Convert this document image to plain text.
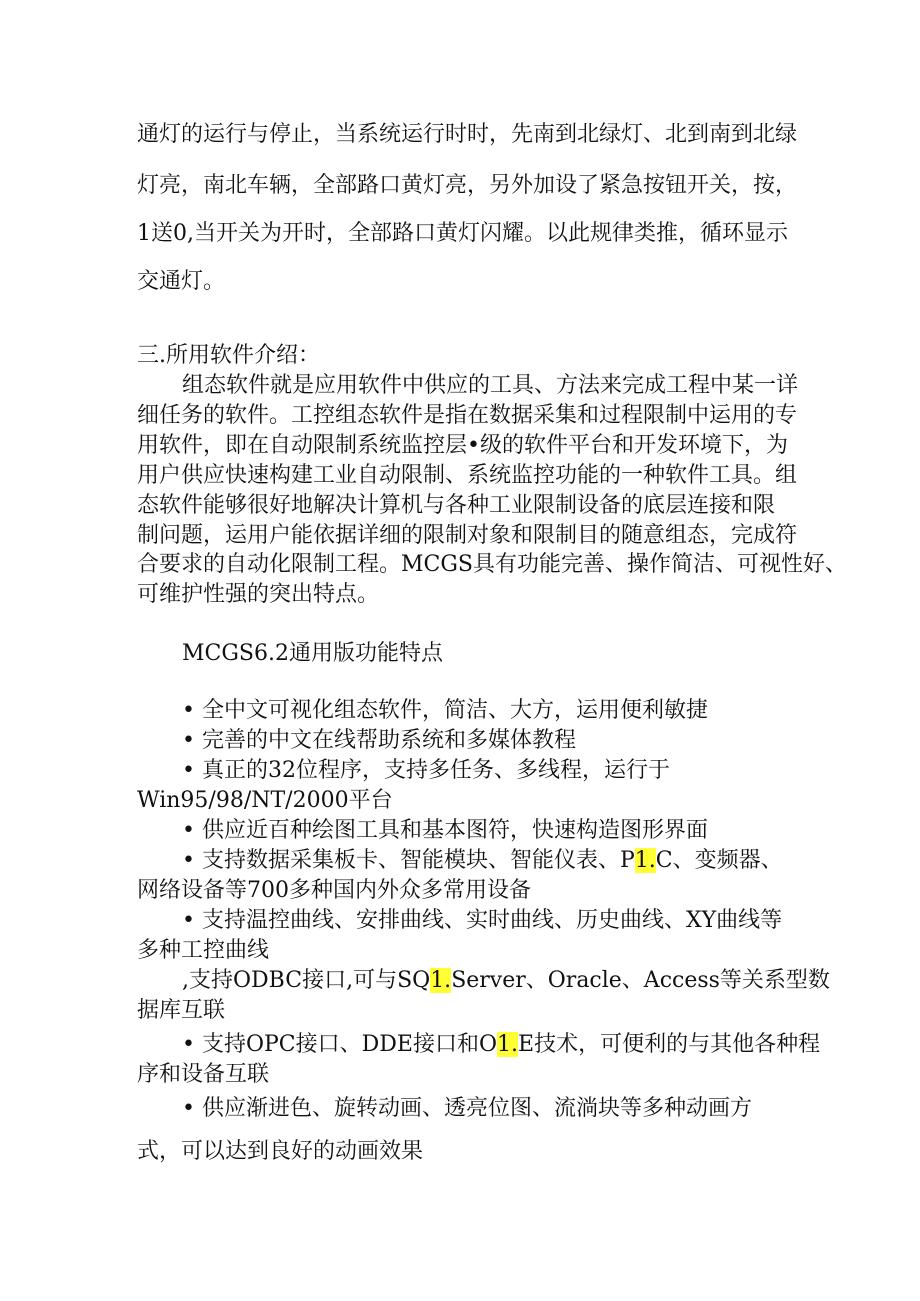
通灯的运行与停止，当系统运行时时，先南到北绿灯、北到南到北绿
灯亮，南北车辆，全部路口黄灯亮，另外加设了紧急按钮开关，按，
1送0,当开关为开时，全部路口黄灯闪耀。以此规律类推，循环显示
交通灯。
三.所用软件介绍：
组态软件就是应用软件中供应的工具、方法来完成工程中某一详
细任务的软件。工控组态软件是指在数据采集和过程限制中运用的专
用软件，即在自动限制系统监控层•级的软件平台和开发环境下，为
用户供应快速构建工业自动限制、系统监控功能的一种软件工具。组
态软件能够很好地解决计算机与各种工业限制设备的底层连接和限
制问题，运用户能依据详细的限制对象和限制目的随意组态，完成符
合要求的自动化限制工程。MCGS具有功能完善、操作简洁、可视性好、
可维护性强的突出特点。
MCGS6.2通用版功能特点
• 全中文可视化组态软件，简洁、大方，运用便利敏捷
• 完善的中文在线帮助系统和多媒体教程
• 真正的32位程序，支持多任务、多线程，运行于
Win95/98/NT/2000平台
• 供应近百种绘图工具和基本图符，快速构造图形界面
• 支持数据采集板卡、智能模块、智能仪表、P1.C、变频器、
网络设备等700多种国内外众多常用设备
• 支持温控曲线、安排曲线、实时曲线、历史曲线、XY曲线等
多种工控曲线
,支持ODBC接口,可与SQ1.Server、Oracle、Access等关系型数
据库互联
• 支持OPC接口、DDE接口和O1.E技术，可便利的与其他各种程
序和设备互联
• 供应渐进色、旋转动画、透亮位图、流淌块等多种动画方
式，可以达到良好的动画效果
